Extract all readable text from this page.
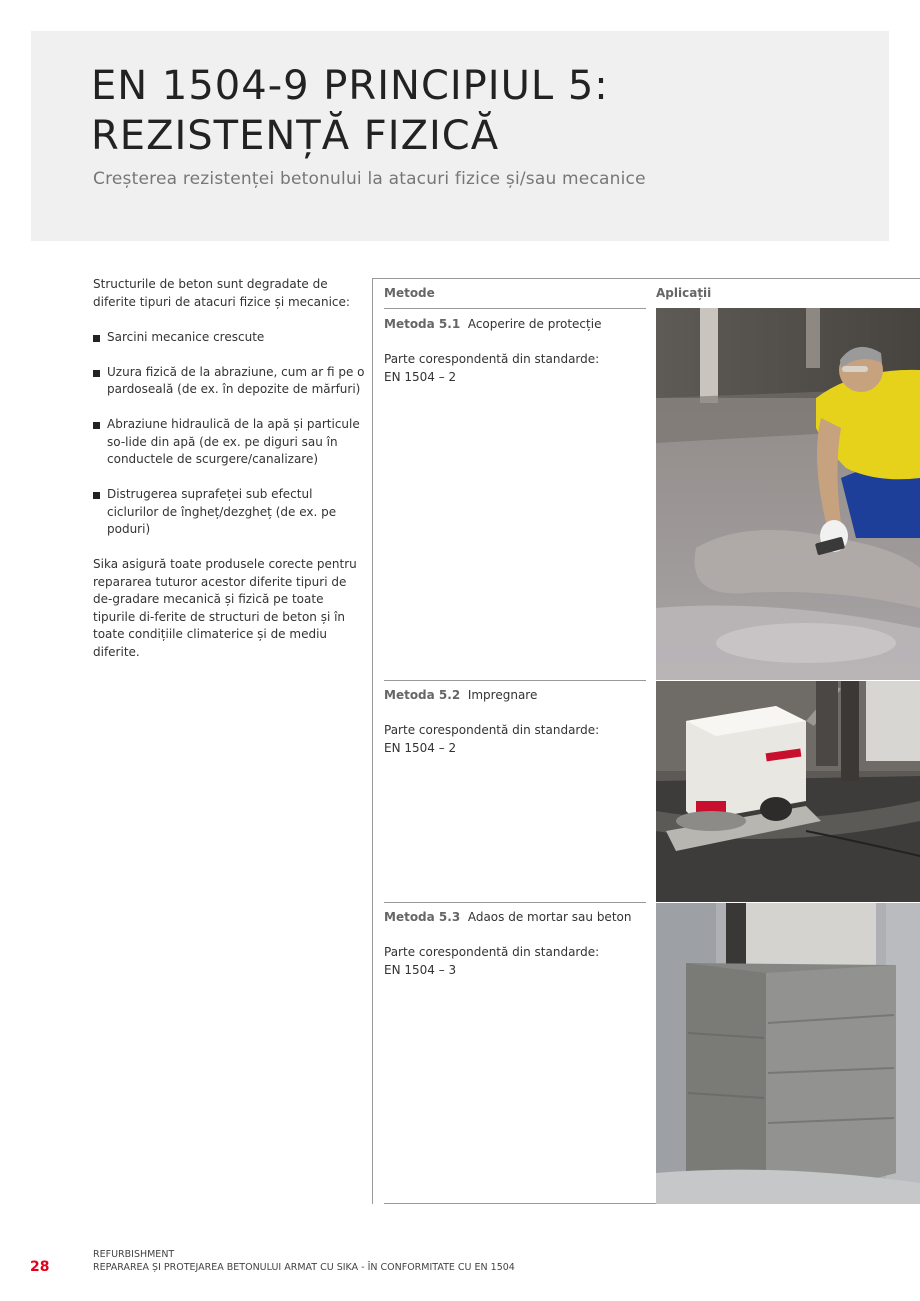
EN 1504-9 PRINCIPIUL 5:
REZISTENȚĂ FIZICĂ
Creșterea rezistenței betonului la atacuri fizice și/sau mecanice

Structurile de beton sunt degradate de diferite tipuri de atacuri fizice și mecanice:

Sarcini mecanice crescute
Uzura fizică de la abraziune, cum ar fi pe o pardoseală (de ex. în depozite de mărfuri)
Abraziune hidraulică de la apă și particule so-lide din apă (de ex. pe diguri sau în conductele de scurgere/canalizare)
Distrugerea suprafeței sub efectul ciclurilor de îngheț/dezgheț (de ex. pe poduri)

Sika asigură toate produsele corecte pentru repararea tuturor acestor diferite tipuri de de-gradare mecanică și fizică pe toate tipurile di-ferite de structuri de beton și în toate condițiile climaterice și de mediu diferite.

Metode	Aplicații
Metoda 5.1 Acoperire de protecție

Parte corespondentă din standarde:

EN 1504 – 2

Metoda 5.2 Impregnare

Parte corespondentă din standarde:

EN 1504 – 2

Metoda 5.3 Adaos de mortar sau beton

Parte corespondentă din standarde:

EN 1504 – 3

28
REFURBISHMENT
REPARAREA ȘI PROTEJAREA BETONULUI ARMAT CU SIKA - ÎN CONFORMITATE CU EN 1504
